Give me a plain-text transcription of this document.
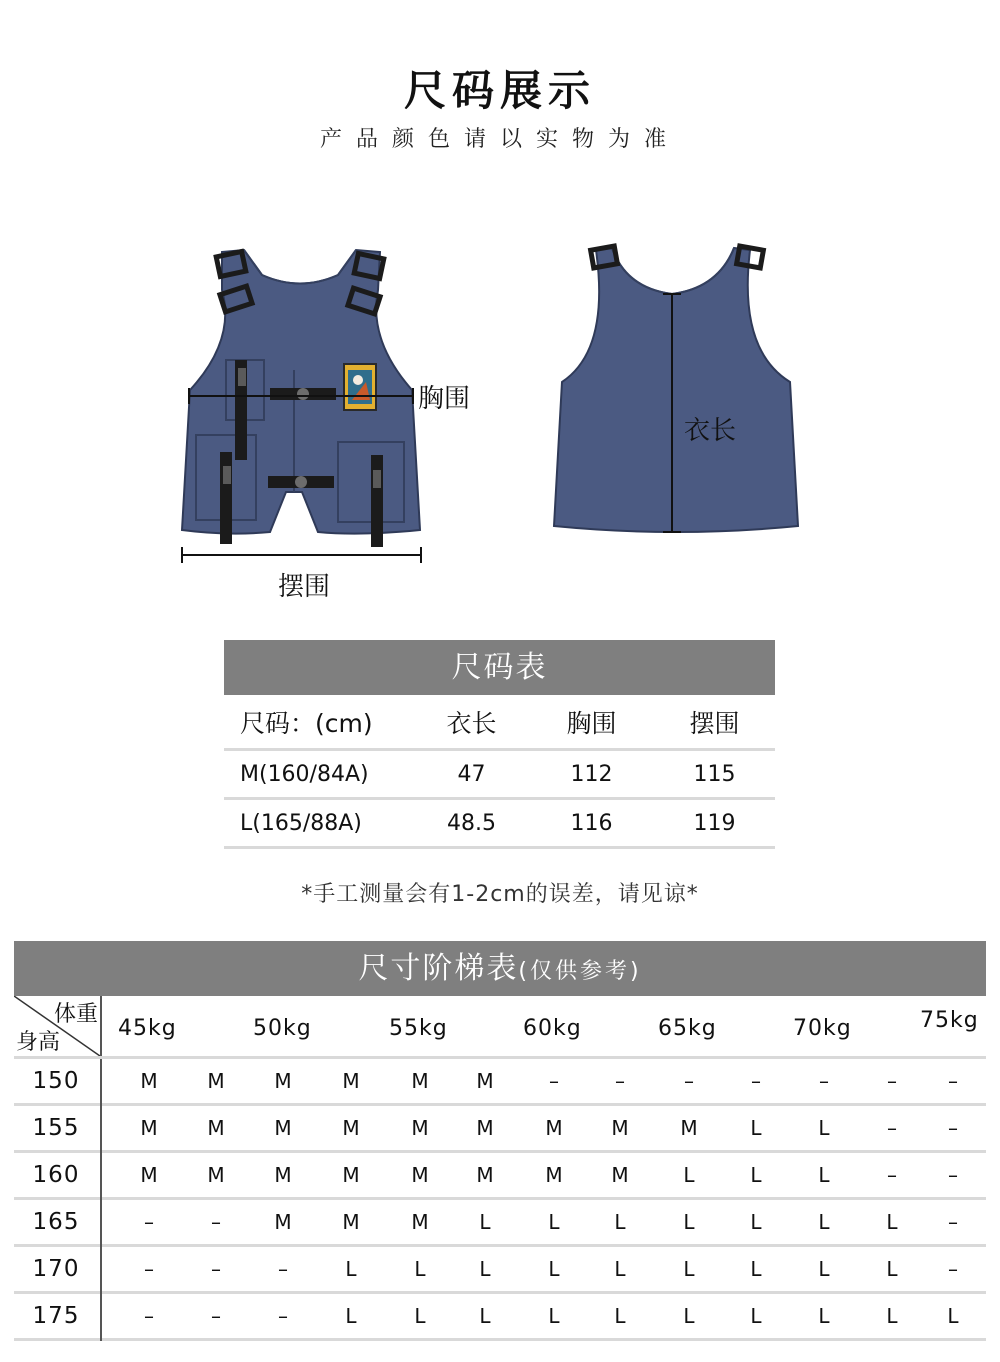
尺码展示
产品颜色请以实物为准
胸围
摆围
衣长
尺码表
尺码：(cm)	衣长	胸围	摆围
M(160/84A)	47	112	115
L(165/88A)	48.5	116	119
*手工测量会有1-2cm的误差，请见谅*
尺寸阶梯表(仅供参考)
体重
身高
45kg	50kg	55kg	60kg	65kg	70kg	75kg
150	M	M	M	M	M	M	–	–	–	–	–	–	–
155	M	M	M	M	M	M	M	M	M	L	L	–	–
160	M	M	M	M	M	M	M	M	L	L	L	–	–
165	–	–	M	M	M	L	L	L	L	L	L	L	–
170	–	–	–	L	L	L	L	L	L	L	L	L	–
175	–	–	–	L	L	L	L	L	L	L	L	L	L
